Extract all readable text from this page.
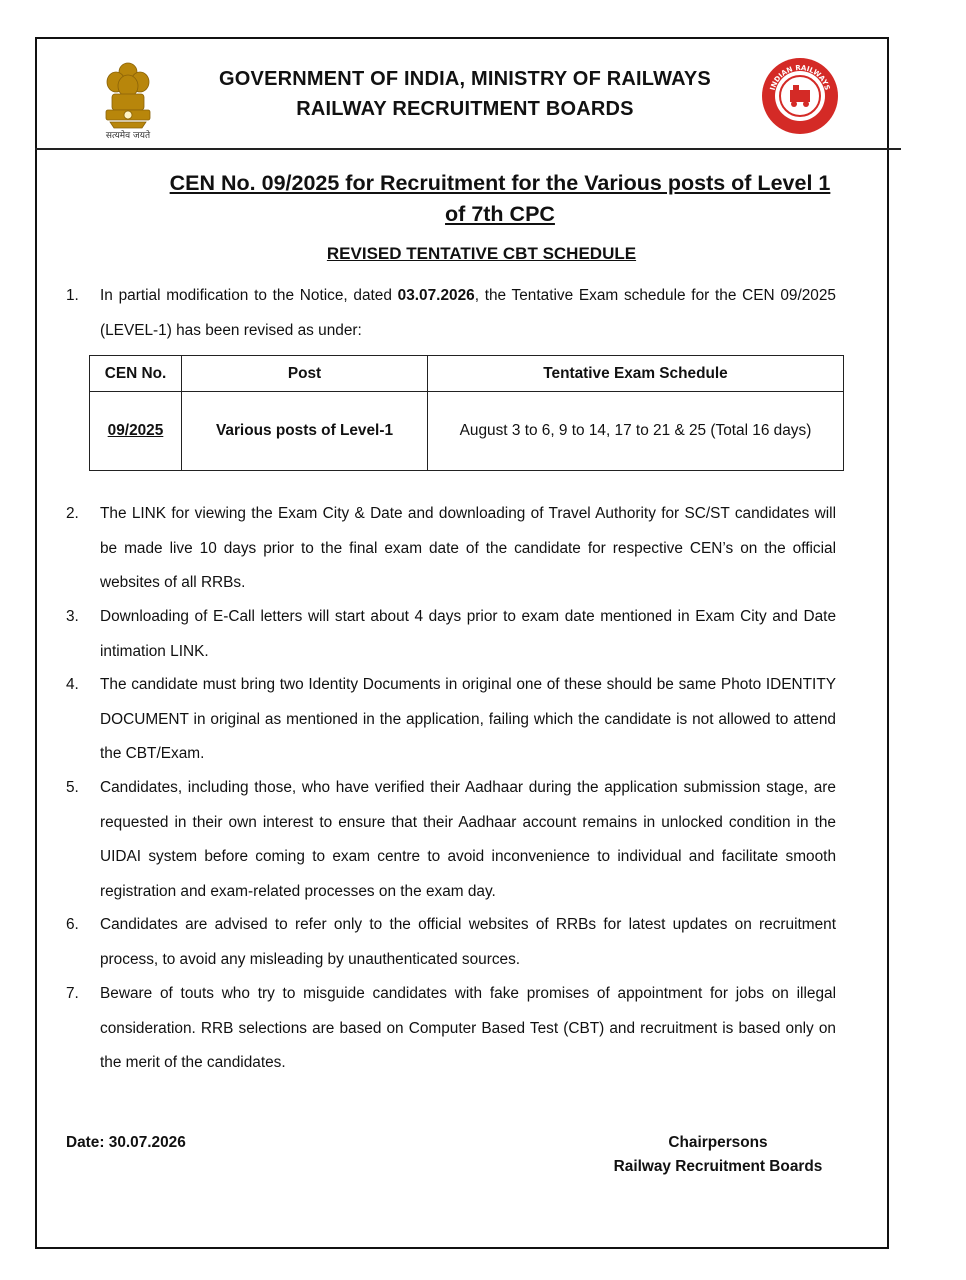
सत्यमेव जयते
GOVERNMENT OF INDIA, MINISTRY OF RAILWAYS
RAILWAY RECRUITMENT BOARDS
INDIAN RAILWAYS
CEN No. 09/2025 for Recruitment for the Various posts of Level 1
of 7th CPC
REVISED TENTATIVE CBT SCHEDULE
1. In partial modification to the Notice, dated 03.07.2026, the Tentative Exam schedule for the CEN 09/2025 (LEVEL-1) has been revised as under:
CEN No.	Post	Tentative Exam Schedule
09/2025	Various posts of Level-1	August 3 to 6, 9 to 14, 17 to 21 & 25 (Total 16 days)
2. The LINK for viewing the Exam City & Date and downloading of Travel Authority for SC/ST candidates will be made live 10 days prior to the final exam date of the candidate for respective CEN’s on the official websites of all RRBs.
3. Downloading of E-Call letters will start about 4 days prior to exam date mentioned in Exam City and Date intimation LINK.
4. The candidate must bring two Identity Documents in original one of these should be same Photo IDENTITY DOCUMENT in original as mentioned in the application, failing which the candidate is not allowed to attend the CBT/Exam.
5. Candidates, including those, who have verified their Aadhaar during the application submission stage, are requested in their own interest to ensure that their Aadhaar account remains in unlocked condition in the UIDAI system before coming to exam centre to avoid inconvenience to individual and facilitate smooth registration and exam-related processes on the exam day.
6. Candidates are advised to refer only to the official websites of RRBs for latest updates on recruitment process, to avoid any misleading by unauthenticated sources.
7. Beware of touts who try to misguide candidates with fake promises of appointment for jobs on illegal consideration. RRB selections are based on Computer Based Test (CBT) and recruitment is based only on the merit of the candidates.
Date: 30.07.2026	Chairpersons
Railway Recruitment Boards
